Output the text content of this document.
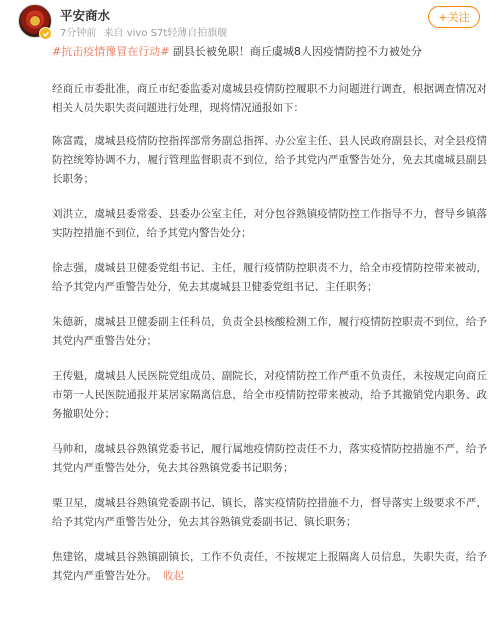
平安商水
7分钟前 来自 vivo S7t轻薄自拍旗舰
+关注
#抗击疫情豫冒在行动# 副县长被免职！商丘虞城8人因疫情防控不力被处分

经商丘市委批准，商丘市纪委监委对虞城县疫情防控履职不力问题进行调查，根据调查情况对相关人员失职失责问题进行处理，现将情况通报如下：

陈富霞，虞城县疫情防控指挥部常务副总指挥、办公室主任、县人民政府副县长，对全县疫情防控统筹协调不力，履行管理监督职责不到位，给予其党内严重警告处分，免去其虞城县副县长职务；

刘洪立，虞城县委常委、县委办公室主任，对分包谷熟镇疫情防控工作指导不力，督导乡镇落实防控措施不到位，给予其党内警告处分；

徐志强，虞城县卫健委党组书记、主任，履行疫情防控职责不力，给全市疫情防控带来被动，给予其党内严重警告处分，免去其虞城县卫健委党组书记、主任职务；

朱德新，虞城县卫健委副主任科员，负责全县核酸检测工作，履行疫情防控职责不到位，给予其党内严重警告处分；

王传魁，虞城县人民医院党组成员、副院长，对疫情防控工作严重不负责任，未按规定向商丘市第一人民医院通报并某居家隔离信息，给全市疫情防控带来被动，给予其撤销党内职务、政务撤职处分；

马帅和，虞城县谷熟镇党委书记，履行属地疫情防控责任不力，落实疫情防控措施不严，给予其党内严重警告处分，免去其谷熟镇党委书记职务；

栗卫星，虞城县谷熟镇党委副书记、镇长，落实疫情防控措施不力，督导落实上级要求不严，给予其党内严重警告处分，免去其谷熟镇党委副书记、镇长职务；

焦建铭，虞城县谷熟镇副镇长，工作不负责任，不按规定上报隔离人员信息，失职失责，给予其党内严重警告处分。 收起
